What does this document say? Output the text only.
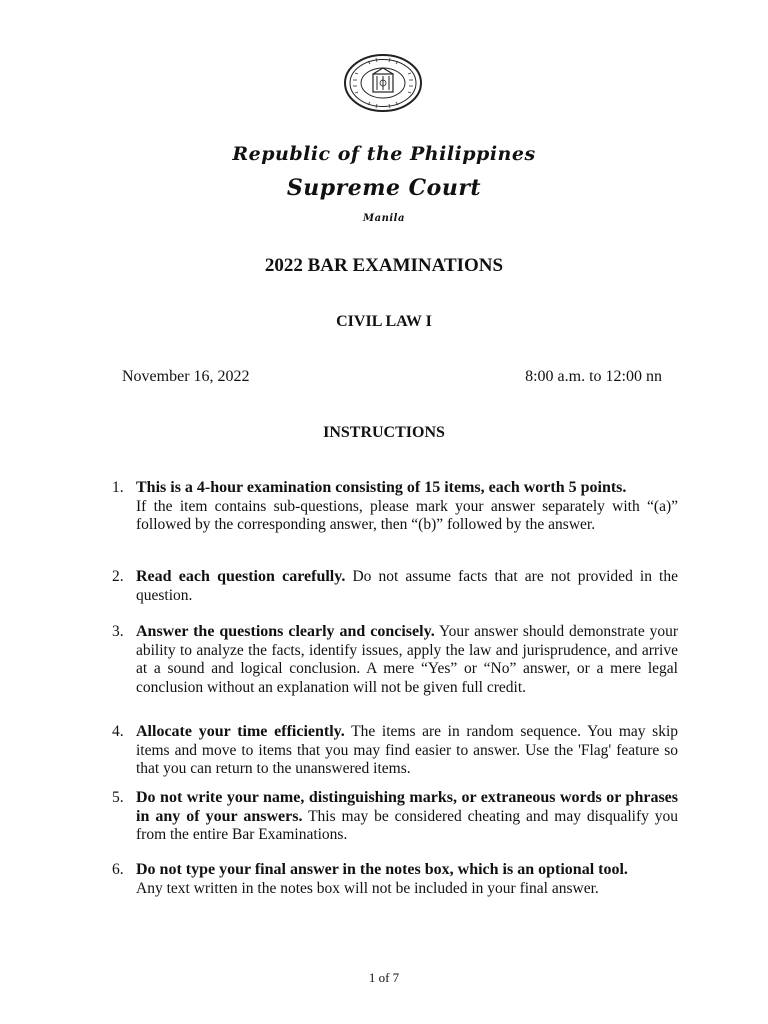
Republic of the Philippines
Supreme Court
Manila
2022 BAR EXAMINATIONS
CIVIL LAW I
November 16, 2022	8:00 a.m. to 12:00 nn
INSTRUCTIONS
1. This is a 4-hour examination consisting of 15 items, each worth 5 points.
If the item contains sub-questions, please mark your answer separately with “(a)” followed by the corresponding answer, then “(b)” followed by the answer.
2. Read each question carefully. Do not assume facts that are not provided in the question.
3. Answer the questions clearly and concisely. Your answer should demonstrate your ability to analyze the facts, identify issues, apply the law and jurisprudence, and arrive at a sound and logical conclusion. A mere “Yes” or “No” answer, or a mere legal conclusion without an explanation will not be given full credit.
4. Allocate your time efficiently. The items are in random sequence. You may skip items and move to items that you may find easier to answer. Use the 'Flag' feature so that you can return to the unanswered items.
5. Do not write your name, distinguishing marks, or extraneous words or phrases in any of your answers. This may be considered cheating and may disqualify you from the entire Bar Examinations.
6. Do not type your final answer in the notes box, which is an optional tool.
Any text written in the notes box will not be included in your final answer.
1 of 7
